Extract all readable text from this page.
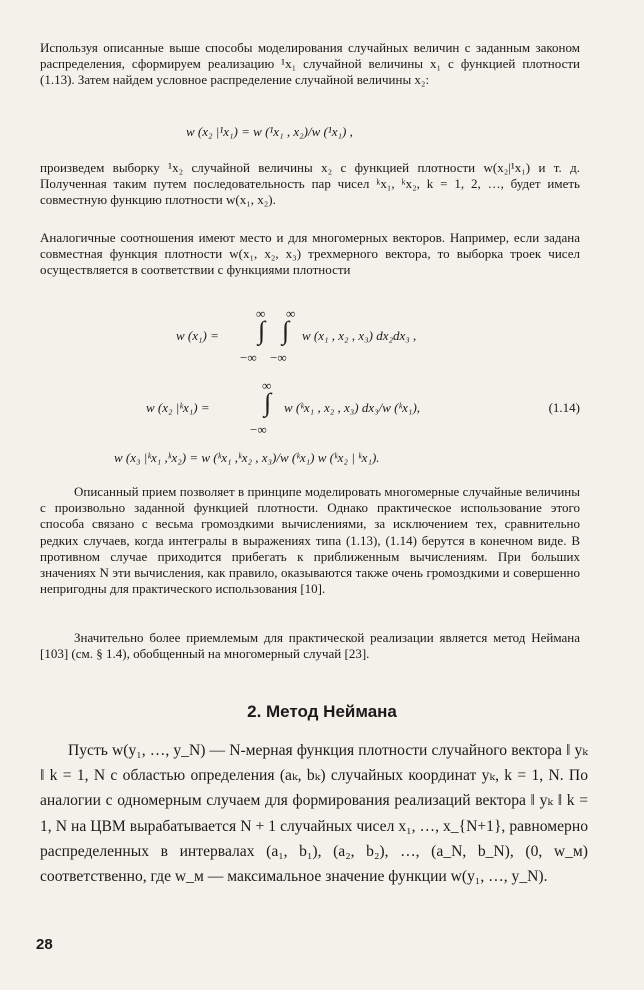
Используя описанные выше способы моделирования случайных величин с заданным законом распределения, сформируем реализацию ¹x₁ случайной величины x₁ с функцией плотности (1.13). Затем найдем условное распределение случайной величины x₂:

w (x₂ |¹x₁) = w (¹x₁ , x₂)/w (¹x₁) ,

произведем выборку ¹x₂ случайной величины x₂ с функцией плотности w(x₂|¹x₁) и т. д. Полученная таким путем последовательность пар чисел ᵏx₁, ᵏx₂, k = 1, 2, …, будет иметь совместную функцию плотности w(x₁, x₂).

Аналогичные соотношения имеют место и для многомерных векторов. Например, если задана совместная функция плотности w(x₁, x₂, x₃) трехмерного вектора, то выборка троек чисел осуществляется в соответствии с функциями плотности

w (x₁) =
∞ ∞
∫ ∫
−∞ −∞
w (x₁ , x₂ , x₃) dx₂dx₃ ,
w (x₂ |ᵏx₁) =
∞
∫
−∞
w (ᵏx₁ , x₂ , x₃) dx₃/w (ᵏx₁),	(1.14)

w (x₃ |ᵏx₁ ,ᵏx₂) = w (ᵏx₁ ,ᵏx₂ , x₃)/w (ᵏx₁) w (ᵏx₂ | ᵏx₁).

Описанный прием позволяет в принципе моделировать многомерные случайные величины с произвольно заданной функцией плотности. Однако практическое использование этого способа связано с весьма громоздкими вычислениями, за исключением тех, сравнительно редких случаев, когда интегралы в выражениях типа (1.13), (1.14) берутся в конечном виде. В противном случае приходится прибегать к приближенным вычислениям. При больших значениях N эти вычисления, как правило, оказываются также очень громоздкими и совершенно непригодны для практического использования [10].

Значительно более приемлемым для практической реализации является метод Неймана [103] (см. § 1.4), обобщенный на многомерный случай [23].

2. Метод Неймана

Пусть w(y₁, …, y_N) — N-мерная функция плотности случайного вектора ‖ yₖ ‖ k = 1, N с областью определения (aₖ, bₖ) случайных координат yₖ, k = 1, N. По аналогии с одномерным случаем для формирования реализаций вектора ‖ yₖ ‖ k = 1, N на ЦВМ вырабатывается N + 1 случайных чисел x₁, …, x_{N+1}, равномерно распределенных в интервалах (a₁, b₁), (a₂, b₂), …, (a_N, b_N), (0, w_м) соответственно, где w_м — максимальное значение функции w(y₁, …, y_N).

28
